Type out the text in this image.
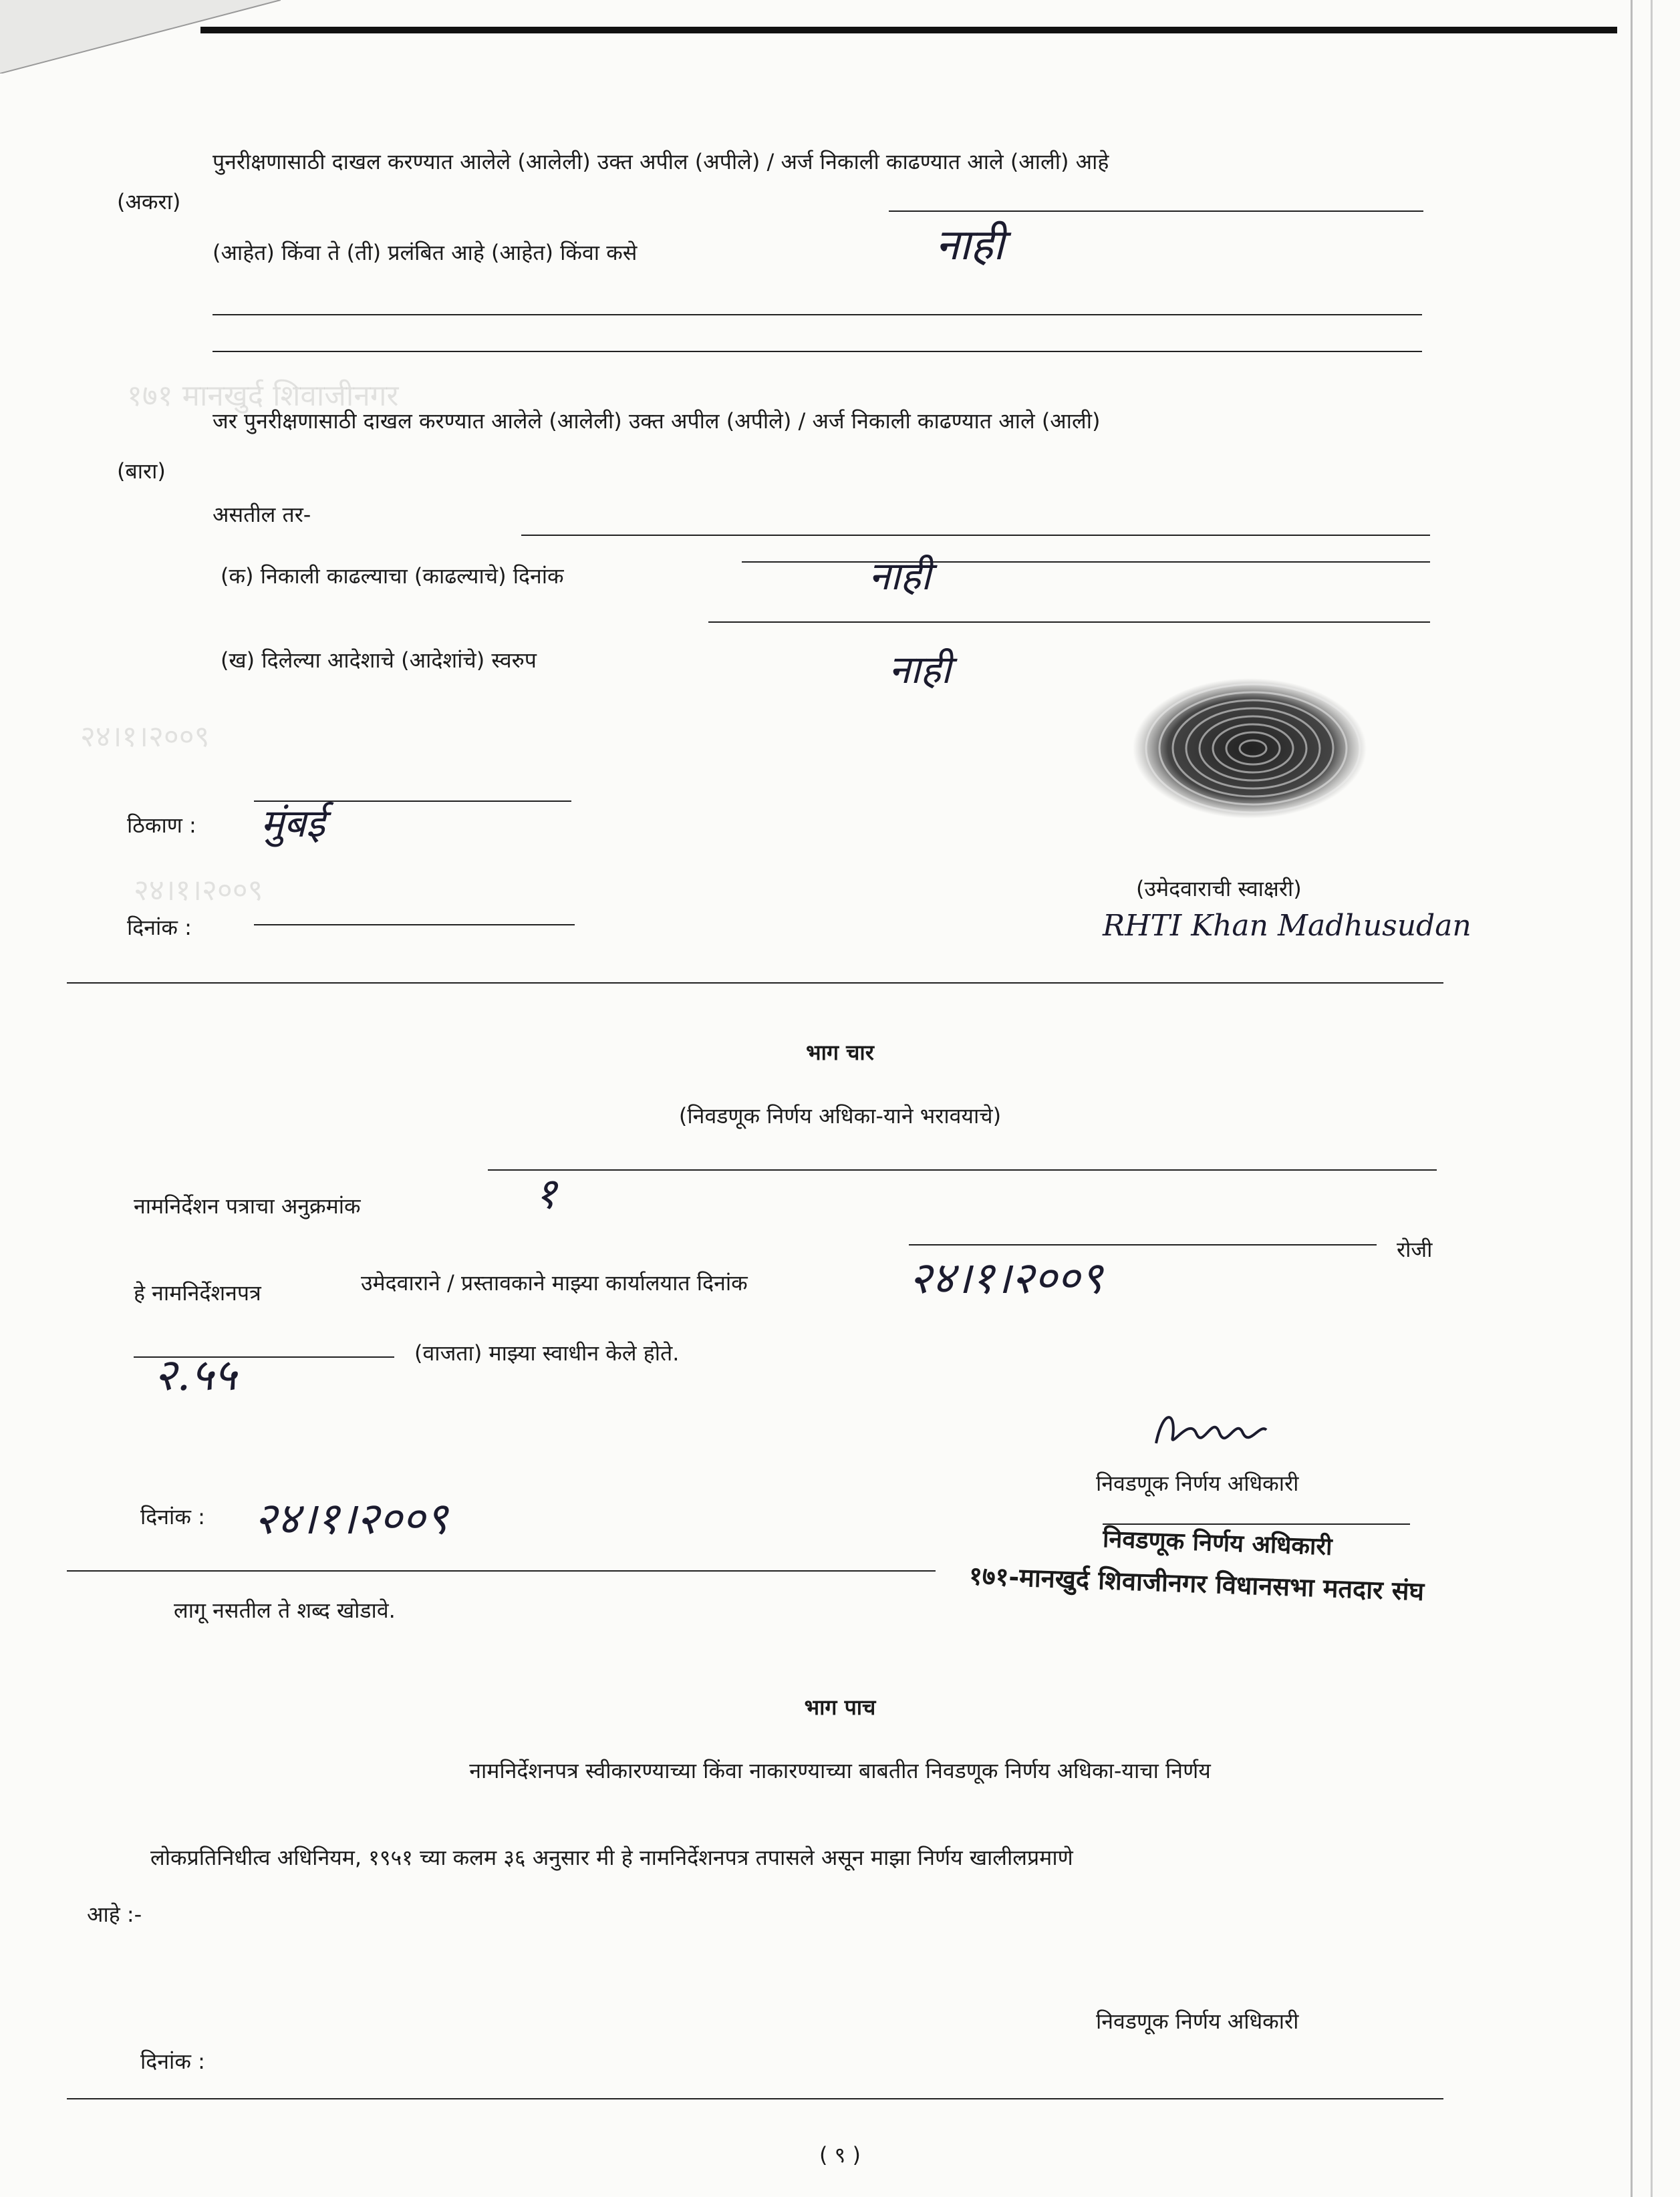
२४।१।२००९
२४।१।२००९
१७१ मानखुर्द शिवाजीनगर
(अकरा)
पुनरीक्षणासाठी दाखल करण्यात आलेले (आलेली) उक्त अपील (अपीले) / अर्ज निकाली काढण्यात आले (आली) आहे
(आहेत) किंवा ते (ती) प्रलंबित आहे (आहेत) किंवा कसे	नाही
(बारा)
जर पुनरीक्षणासाठी दाखल करण्यात आलेले (आलेली) उक्त अपील (अपीले) / अर्ज निकाली काढण्यात आले (आली)
असतील तर-
(क) निकाली काढल्याचा (काढल्याचे) दिनांक	नाही
(ख) दिलेल्या आदेशाचे (आदेशांचे) स्वरुप	नाही
ठिकाण : मुंबई
(उमेदवाराची स्वाक्षरी)
RHTI Khan Madhusudan
दिनांक :
भाग चार
(निवडणूक निर्णय अधिका-याने भरावयाचे)
नामनिर्देशन पत्राचा अनुक्रमांक	१
हे नामनिर्देशनपत्र	उमेदवाराने / प्रस्तावकाने माझ्या कार्यालयात दिनांक	२४।१।२००९
रोजी
२.५५	(वाजता) माझ्या स्वाधीन केले होते.
निवडणूक निर्णय अधिकारी
दिनांक : २४।१।२००९	निवडणूक निर्णय अधिकारी
१७१-मानखुर्द शिवाजीनगर विधानसभा मतदार संघ
लागू नसतील ते शब्द खोडावे.
भाग पाच
नामनिर्देशनपत्र स्वीकारण्याच्या किंवा नाकारण्याच्या बाबतीत निवडणूक निर्णय अधिका-याचा निर्णय
लोकप्रतिनिधीत्व अधिनियम, १९५१ च्या कलम ३६ अनुसार मी हे नामनिर्देशनपत्र तपासले असून माझा निर्णय खालीलप्रमाणे
आहे :-
निवडणूक निर्णय अधिकारी
दिनांक :
( ९ )
